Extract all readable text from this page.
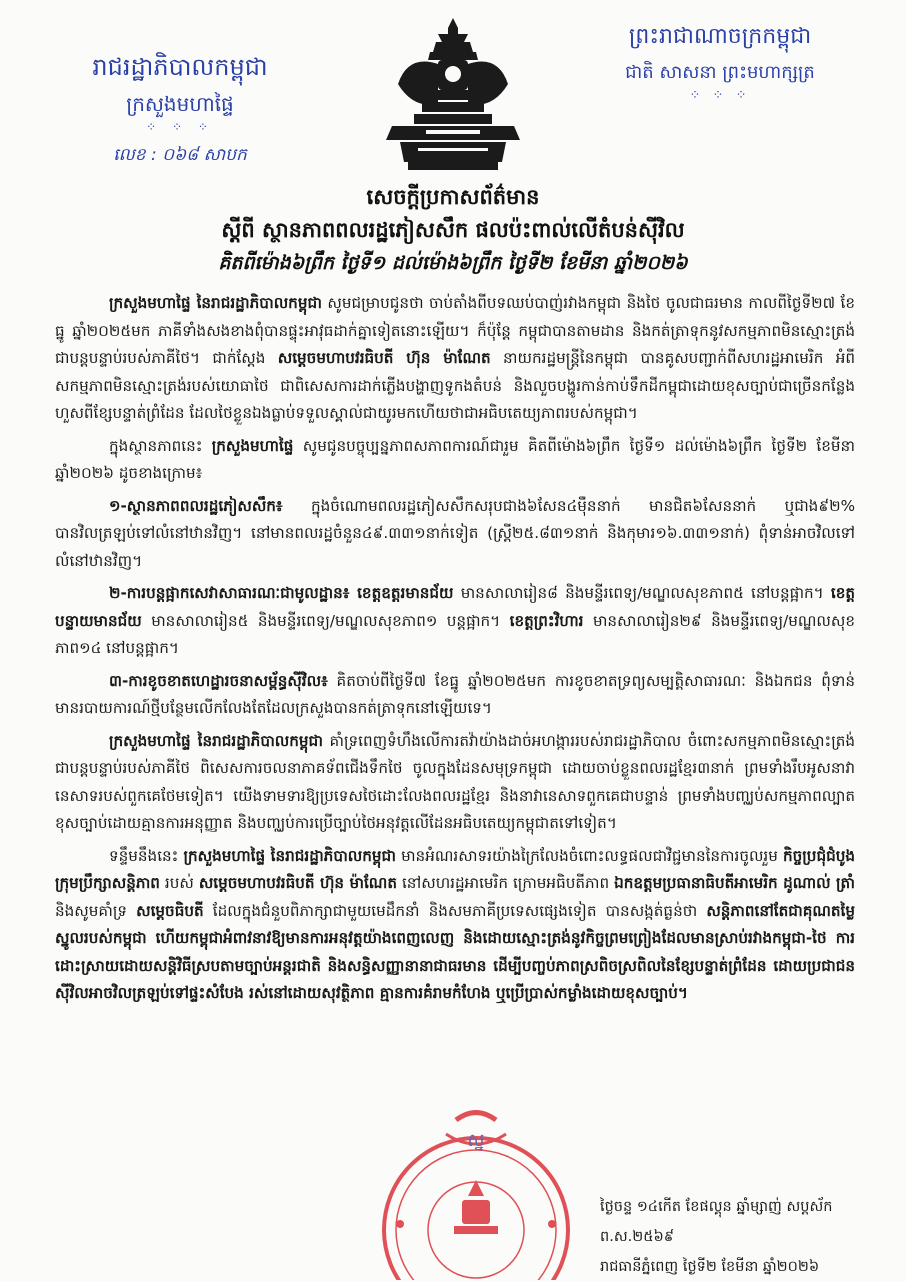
រាជរដ្ឋាភិបាលកម្ពុជា
ក្រសួងមហាផ្ទៃ
⁘ ⁘ ⁘
លេខ : ០៦៨ សាបក
ព្រះរាជាណាចក្រកម្ពុជា
ជាតិ សាសនា ព្រះមហាក្សត្រ
⁘ ⁘ ⁘
សេចក្តីប្រកាសព័ត៌មាន
ស្តីពី ស្ថានភាពពលរដ្ឋភៀសសឹក ផលប៉ះពាល់លើតំបន់ស៊ីវិល
គិតពីម៉ោង៦ព្រឹក ថ្ងៃទី១ ដល់ម៉ោង៦ព្រឹក ថ្ងៃទី២ ខែមីនា ឆ្នាំ២០២៦

ក្រសួងមហាផ្ទៃ នៃរាជរដ្ឋាភិបាលកម្ពុជា សូមជម្រាបជូនថា ចាប់តាំងពីបទឈប់បាញ់រវាងកម្ពុជា និងថៃ ចូលជាធរមាន កាលពីថ្ងៃទី២៧ ខែធ្នូ ឆ្នាំ២០២៥មក ភាគីទាំងសងខាងពុំបានផ្ទុះអាវុធដាក់គ្នាទៀតនោះឡើយ។ ក៏ប៉ុន្តែ កម្ពុជាបានតាមដាន និងកត់ត្រាទុកនូវសកម្មភាពមិនស្មោះត្រង់ជាបន្តបន្ទាប់របស់ភាគីថៃ។ ជាក់ស្តែង សម្តេចមហាបវរធិបតី ហ៊ុន ម៉ាណែត នាយករដ្ឋមន្ត្រីនៃកម្ពុជា បានគូសបញ្ជាក់ពីសហរដ្ឋអាមេរិក អំពីសកម្មភាពមិនស្មោះត្រង់របស់យោធាថៃ ជាពិសេសការដាក់ភ្លើងបង្ហាញទូកងតំបន់ និងលួចបង្ហូរកាន់កាប់ទឹកដីកម្ពុជាដោយខុសច្បាប់ជាច្រើនកន្លែង ហួសពីខ្សែបន្ទាត់ព្រំដែន ដែលថៃខ្លួនឯងធ្លាប់ទទួលស្គាល់ជាយូរមកហើយថាជាអធិបតេយ្យភាពរបស់កម្ពុជា។

ក្នុងស្ថានភាពនេះ ក្រសួងមហាផ្ទៃ សូមជូនបច្ចុប្បន្នភាពសភាពការណ៍ជារួម គិតពីម៉ោង៦ព្រឹក ថ្ងៃទី១ ដល់ម៉ោង៦ព្រឹក ថ្ងៃទី២ ខែមីនា ឆ្នាំ២០២៦ ដូចខាងក្រោម៖

១-ស្ថានភាពពលរដ្ឋភៀសសឹក៖ ក្នុងចំណោមពលរដ្ឋភៀសសឹកសរុបជាង៦សែន៤ម៉ឺននាក់ មានជិត៦សែននាក់ ឬជាង៩២% បានវិលត្រឡប់ទៅលំនៅឋានវិញ។ នៅមានពលរដ្ឋចំនួន៤៩.៣៣១នាក់ទៀត (ស្ត្រី២៥.៨៣១នាក់ និងកុមារ១៦.៣៣១នាក់) ពុំទាន់អាចវិលទៅលំនៅឋានវិញ។

២-ការបន្តផ្អាកសេវាសាធារណៈជាមូលដ្ឋាន៖ ខេត្តឧត្តរមានជ័យ មានសាលារៀន៨ និងមន្ទីរពេទ្យ/មណ្ឌលសុខភាព៥ នៅបន្តផ្អាក។ ខេត្តបន្ទាយមានជ័យ មានសាលារៀន៥ និងមន្ទីរពេទ្យ/មណ្ឌលសុខភាព១ បន្តផ្អាក។ ខេត្តព្រះវិហារ មានសាលារៀន២៩ និងមន្ទីរពេទ្យ/មណ្ឌលសុខភាព១៤ នៅបន្តផ្អាក។

៣-ការខូចខាតហេដ្ឋារចនាសម្ព័ន្ធស៊ីវិល៖ គិតចាប់ពីថ្ងៃទី៧ ខែធ្នូ ឆ្នាំ២០២៥មក ការខូចខាតទ្រព្យសម្បត្តិសាធារណៈ និងឯកជន ពុំទាន់មានរបាយការណ៍ថ្មីបន្ថែមលើកលែងតែដែលក្រសួងបានកត់ត្រាទុកនៅឡើយទេ។

ក្រសួងមហាផ្ទៃ នៃរាជរដ្ឋាភិបាលកម្ពុជា គាំទ្រពេញទំហឹងលើការតវ៉ាយ៉ាងដាច់អហង្ការរបស់រាជរដ្ឋាភិបាល ចំពោះសកម្មភាពមិនស្មោះត្រង់ជាបន្តបន្ទាប់របស់ភាគីថៃ ពិសេសការចលនាភាគទ័ពជើងទឹកថៃ ចូលក្នុងដែនសមុទ្រកម្ពុជា ដោយចាប់ខ្លួនពលរដ្ឋខ្មែរ៣នាក់ ព្រមទាំងរឹបអូសនាវានេសាទរបស់ពួកគេថែមទៀត។ យើងទាមទារឱ្យប្រទេសថៃដោះលែងពលរដ្ឋខ្មែរ និងនាវានេសាទពួកគេជាបន្ទាន់ ព្រមទាំងបញ្ឈប់សកម្មភាពល្បាតខុសច្បាប់ដោយគ្មានការអនុញ្ញាត និងបញ្ឈប់ការប្រើច្បាប់ថៃអនុវត្តលើដែនអធិបតេយ្យកម្ពុជាតទៅទៀត។

ទន្ទឹមនឹងនេះ ក្រសួងមហាផ្ទៃ នៃរាជរដ្ឋាភិបាលកម្ពុជា មានអំណរសាទរយ៉ាងក្រៃលែងចំពោះលទ្ធផលជាវិជ្ជមាននៃការចូលរួម កិច្ចប្រជុំជំបូងក្រុមប្រឹក្សាសន្តិភាព របស់ សម្តេចមហាបវរធិបតី ហ៊ុន ម៉ាណែត នៅសហរដ្ឋអាមេរិក ក្រោមអធិបតីភាព ឯកឧត្តមប្រធានាធិបតីអាមេរិក ដូណាល់ ត្រាំ និងសូមគាំទ្រ សម្តេចធិបតី ដែលក្នុងជំនួបពិភាក្សាជាមួយមេដឹកនាំ និងសមភាគីប្រទេសផ្សេងទៀត បានសង្កត់ធ្ងន់ថា សន្តិភាពនៅតែជាគុណតម្លៃស្នូលរបស់កម្ពុជា ហើយកម្ពុជាអំពាវនាវឱ្យមានការអនុវត្តយ៉ាងពេញលេញ និងដោយស្មោះត្រង់នូវកិច្ចព្រមព្រៀងដែលមានស្រាប់រវាងកម្ពុជា-ថៃ ការដោះស្រាយដោយសន្តិវិធីស្របតាមច្បាប់អន្តរជាតិ និងសន្ធិសញ្ញានានាជាធរមាន ដើម្បីបញ្ចប់ភាពស្រពិចស្រពិលនៃខ្សែបន្ទាត់ព្រំដែន ដោយប្រជាជនស៊ីវិលអាចវិលត្រឡប់ទៅផ្ទះសំបែង រស់នៅដោយសុវត្ថិភាព គ្មានការគំរាមកំហែង ឬប្រើប្រាស់កម្លាំងដោយខុសច្បាប់។

ស្ន
ថ្ងៃចន្ទ ១៤កើត ខែផល្គុន ឆ្នាំម្សាញ់ សប្តស័ក ព.ស.២៥៦៩
រាជធានីភ្នំពេញ ថ្ងៃទី២ ខែមីនា ឆ្នាំ២០២៦
